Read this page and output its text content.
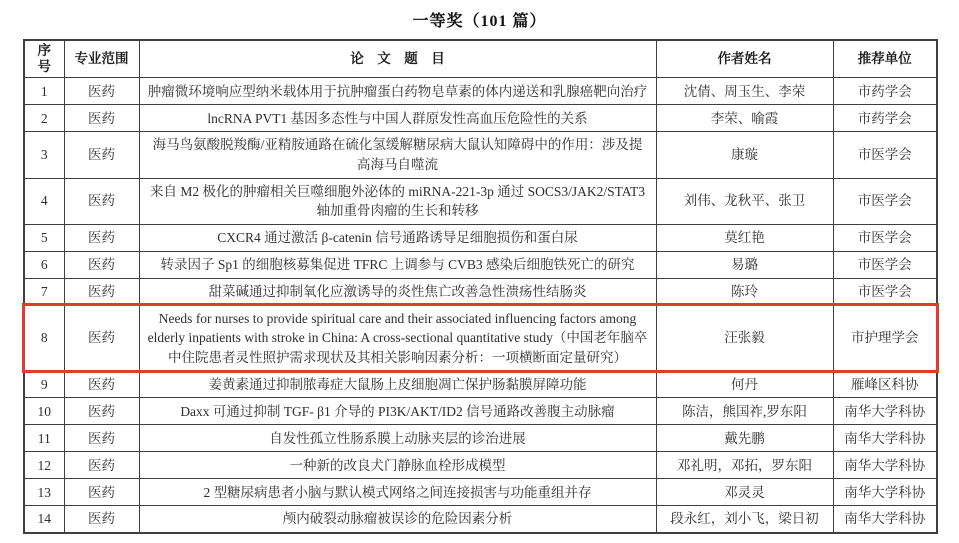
一等奖（101 篇）
序号	专业范围	论　文　题　目	作者姓名	推荐单位
1	医药	肿瘤微环境响应型纳米载体用于抗肿瘤蛋白药物皂草素的体内递送和乳腺癌靶向治疗	沈倩、周玉生、李荣	市药学会
2	医药	lncRNA PVT1 基因多态性与中国人群原发性高血压危险性的关系	李荣、喻霞	市药学会
3	医药	海马鸟氨酸脱羧酶/亚精胺通路在硫化氢缓解糖尿病大鼠认知障碍中的作用：涉及提高海马自噬流	康璇	市医学会
4	医药	来自 M2 极化的肿瘤相关巨噬细胞外泌体的 miRNA-221-3p 通过 SOCS3/JAK2/STAT3 轴加重骨肉瘤的生长和转移	刘伟、龙秋平、张卫	市医学会
5	医药	CXCR4 通过激活 β-catenin 信号通路诱导足细胞损伤和蛋白尿	莫红艳	市医学会
6	医药	转录因子 Sp1 的细胞核募集促进 TFRC 上调参与 CVB3 感染后细胞铁死亡的研究	易璐	市医学会
7	医药	甜菜碱通过抑制氧化应激诱导的炎性焦亡改善急性溃疡性结肠炎	陈玲	市医学会
8	医药	Needs for nurses to provide spiritual care and their associated influencing factors among elderly inpatients with stroke in China: A cross-sectional quantitative study（中国老年脑卒中住院患者灵性照护需求现状及其相关影响因素分析：一项横断面定量研究）	汪张毅	市护理学会
9	医药	姜黄素通过抑制脓毒症大鼠肠上皮细胞凋亡保护肠黏膜屏障功能	何丹	雁峰区科协
10	医药	Daxx 可通过抑制 TGF- β1 介导的 PI3K/AKT/ID2 信号通路改善腹主动脉瘤	陈洁，熊国祚,罗东阳	南华大学科协
11	医药	自发性孤立性肠系膜上动脉夹层的诊治进展	戴先鹏	南华大学科协
12	医药	一种新的改良犬门静脉血栓形成模型	邓礼明，邓拓，罗东阳	南华大学科协
13	医药	2 型糖尿病患者小脑与默认模式网络之间连接损害与功能重组并存	邓灵灵	南华大学科协
14	医药	颅内破裂动脉瘤被误诊的危险因素分析	段永红，刘小飞，梁日初	南华大学科协
